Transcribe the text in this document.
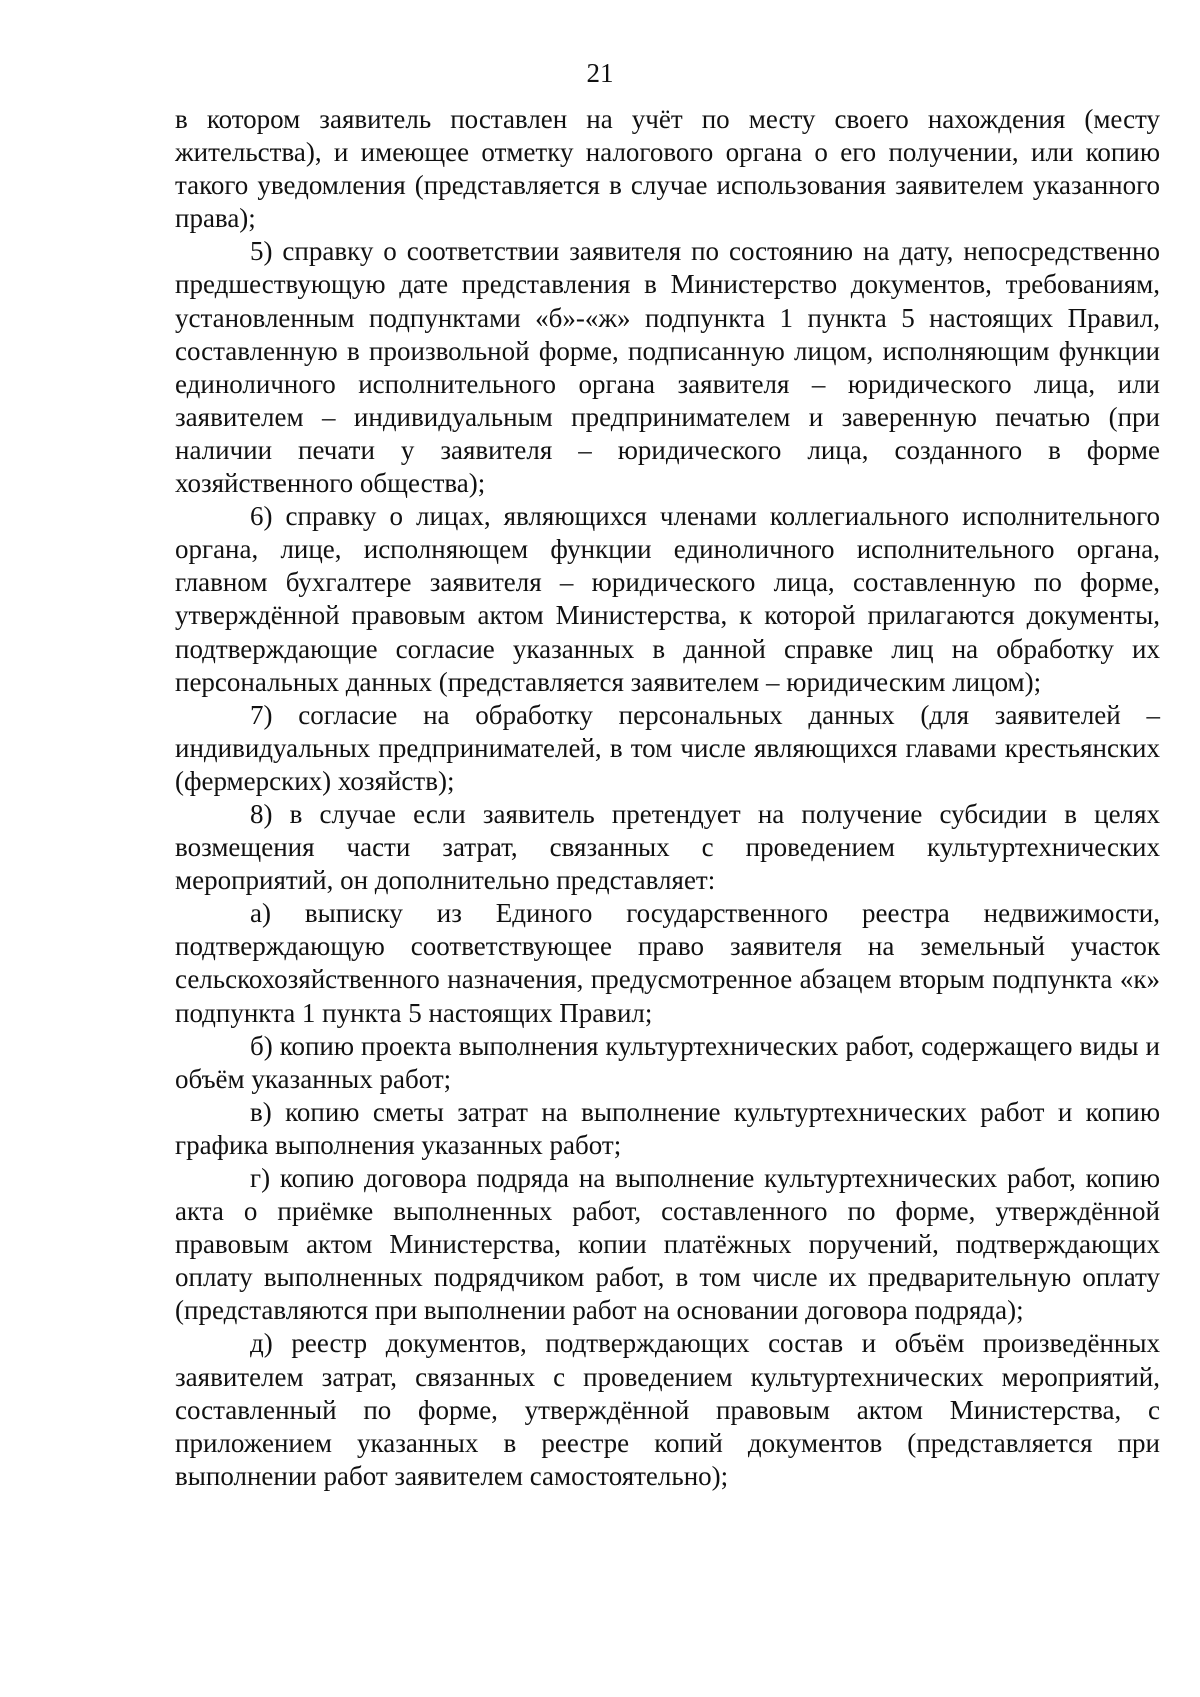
21

в котором заявитель поставлен на учёт по месту своего нахождения (месту жительства), и имеющее отметку налогового органа о его получении, или копию такого уведомления (представляется в случае использования заявителем указанного права);

5) справку о соответствии заявителя по состоянию на дату, непосредственно предшествующую дате представления в Министерство документов, требованиям, установленным подпунктами «б»-«ж» подпункта 1 пункта 5 настоящих Правил, составленную в произвольной форме, подписанную лицом, исполняющим функции единоличного исполнительного органа заявителя – юридического лица, или заявителем – индивидуальным предпринимателем и заверенную печатью (при наличии печати у заявителя – юридического лица, созданного в форме хозяйственного общества);

6) справку о лицах, являющихся членами коллегиального исполнительного органа, лице, исполняющем функции единоличного исполнительного органа, главном бухгалтере заявителя – юридического лица, составленную по форме, утверждённой правовым актом Министерства, к которой прилагаются документы, подтверждающие согласие указанных в данной справке лиц на обработку их персональных данных (представляется заявителем – юридическим лицом);

7) согласие на обработку персональных данных (для заявителей – индивидуальных предпринимателей, в том числе являющихся главами крестьянских (фермерских) хозяйств);

8) в случае если заявитель претендует на получение субсидии в целях возмещения части затрат, связанных с проведением культуртехнических мероприятий, он дополнительно представляет:

а) выписку из Единого государственного реестра недвижимости, подтверждающую соответствующее право заявителя на земельный участок сельскохозяйственного назначения, предусмотренное абзацем вторым подпункта «к» подпункта 1 пункта 5 настоящих Правил;

б) копию проекта выполнения культуртехнических работ, содержащего виды и объём указанных работ;

в) копию сметы затрат на выполнение культуртехнических работ и копию графика выполнения указанных работ;

г) копию договора подряда на выполнение культуртехнических работ, копию акта о приёмке выполненных работ, составленного по форме, утверждённой правовым актом Министерства, копии платёжных поручений, подтверждающих оплату выполненных подрядчиком работ, в том числе их предварительную оплату (представляются при выполнении работ на основании договора подряда);

д) реестр документов, подтверждающих состав и объём произведённых заявителем затрат, связанных с проведением культуртехнических мероприятий, составленный по форме, утверждённой правовым актом Министерства, с приложением указанных в реестре копий документов (представляется при выполнении работ заявителем самостоятельно);
